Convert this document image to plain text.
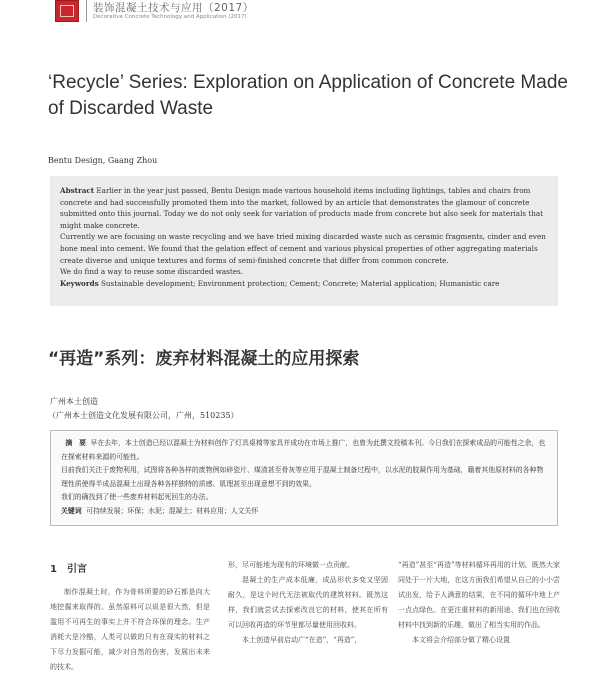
装饰混凝土技术与应用（2017）
Decorative Concrete Technology and Application (2017)
‘Recycle’ Series: Exploration on Application of Concrete Made of Discarded Waste
Bentu Design, Gaang Zhou

Abstract Earlier in the year just passed, Bentu Design made various household items including lightings, tables and chairs from concrete and had successfully promoted them into the market, followed by an article that demonstrates the glamour of concrete submitted onto this journal. Today we do not only seek for variation of products made from concrete but also seek for materials that might make concrete.

Currently we are focusing on waste recycling and we have tried mixing discarded waste such as ceramic fragments, cinder and even bone meal into cement. We found that the gelation effect of cement and various physical properties of other aggregating materials create diverse and unique textures and forms of semi-finished concrete that differ from common concrete.

We do find a way to reuse some discarded wastes.

Keywords Sustainable development; Environment protection; Cement; Concrete; Material application; Humanistic care

“再造”系列：废弃材料混凝土的应用探索
广州本土创造
（广州本土创造文化发展有限公司，广州，510235）

摘　要 早在去年，本土创造已经以混凝土为材料创作了灯具桌椅等家具并成功在市场上推广，也曾为此撰文投稿本刊。今日我们在探索成品的可能性之余，也在探索材料来源的可能性。

目前我们关注于废物利用，试图将各种各样的废物例如碎瓷片、煤渣甚至骨灰等应用于混凝土制备过程中，以水泥的胶凝作用为基础，籍着其他原材料的各种物理性质使得半成品混凝土出现各种各样独特的质感、肌理甚至出现意想不到的效果。

我们的确找到了使一些废弃材料起死回生的办法。

关键词 可持续发展；环保；水泥；混凝土；材料应用；人文关怀

1 引言

制作混凝土时，作为骨料所要的砂石都是向大地挖掘来取得的。虽然原料可以说是很大然，但是滥用不可再生的事实上并不符合环保的理念。生产消耗大是冷酷，人类可以做的只有在现实的材料之下尽力发掘可能，减少对自然的伤害，发展出未来的技术。

形，尽可能地为现有的环境做一点贡献。

混凝土的生产成本低廉，成品形状多变又坚固耐久，是这个时代无法被取代的建筑材料。既然这样，我们就尝试去探索改良它的材料，使其在所有可以回收再造的环节里都尽量使用回收料。

本土创造早前启动广“在造”，“再造”，

“再造”甚至“再造”等材料循环再用的计划。既然大家同处于一片大地，在这方面我们希望从自己的小小尝试出发，给予人满意的结果，在不同的循环中地上产一点点绿色。在更注重材料的新用途、我们也在回收材料中找到新的乐趣，做出了相当实用的作品。

本文将会介绍部分做了精心设置
